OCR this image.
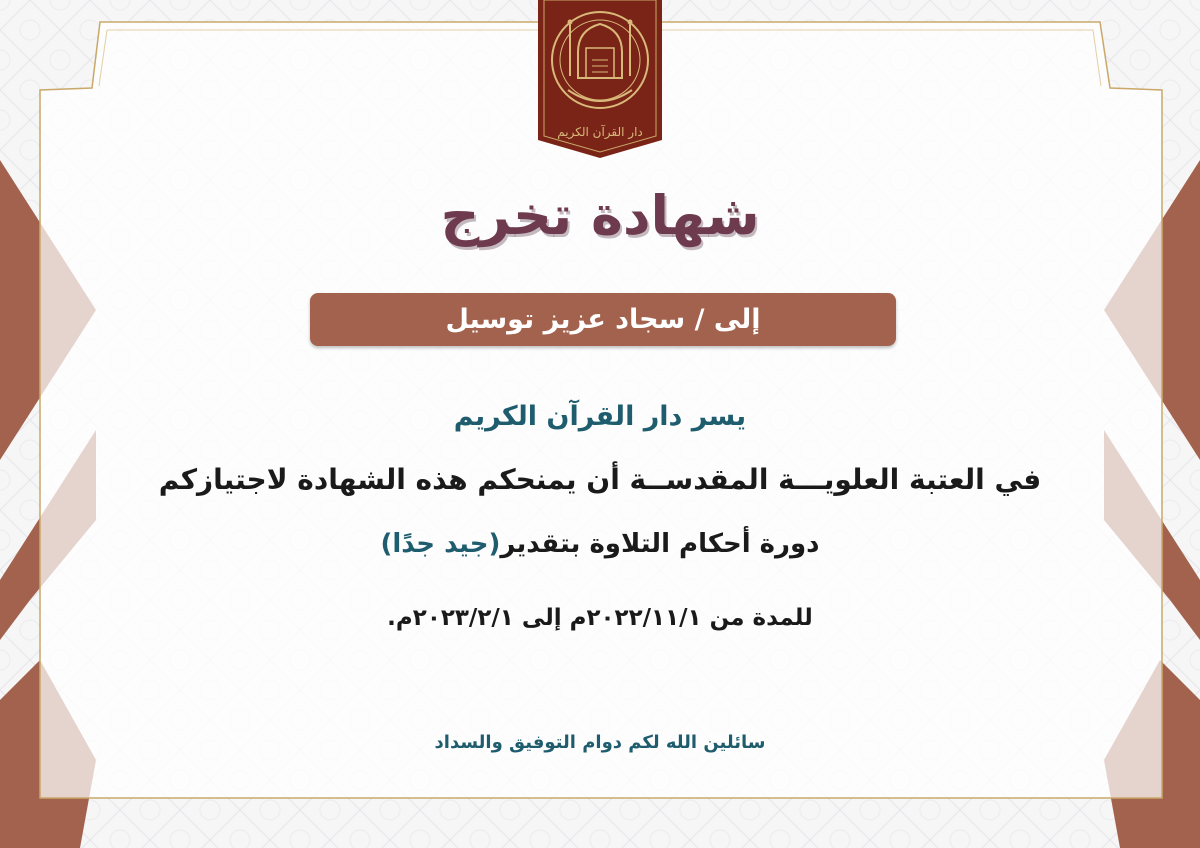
دار القرآن الكريم
شهادة تخرج
إلى / سجاد عزيز توسيل
يسر دار القرآن الكريم
في العتبة العلويـــة المقدســة أن يمنحكم هذه الشهادة لاجتيازكم
دورة أحكام التلاوة بتقدير(جيد جدًا)
للمدة من ٢٠٢٢/١١/١م إلى ٢٠٢٣/٢/١م.
سائلين الله لكم دوام التوفيق والسداد
